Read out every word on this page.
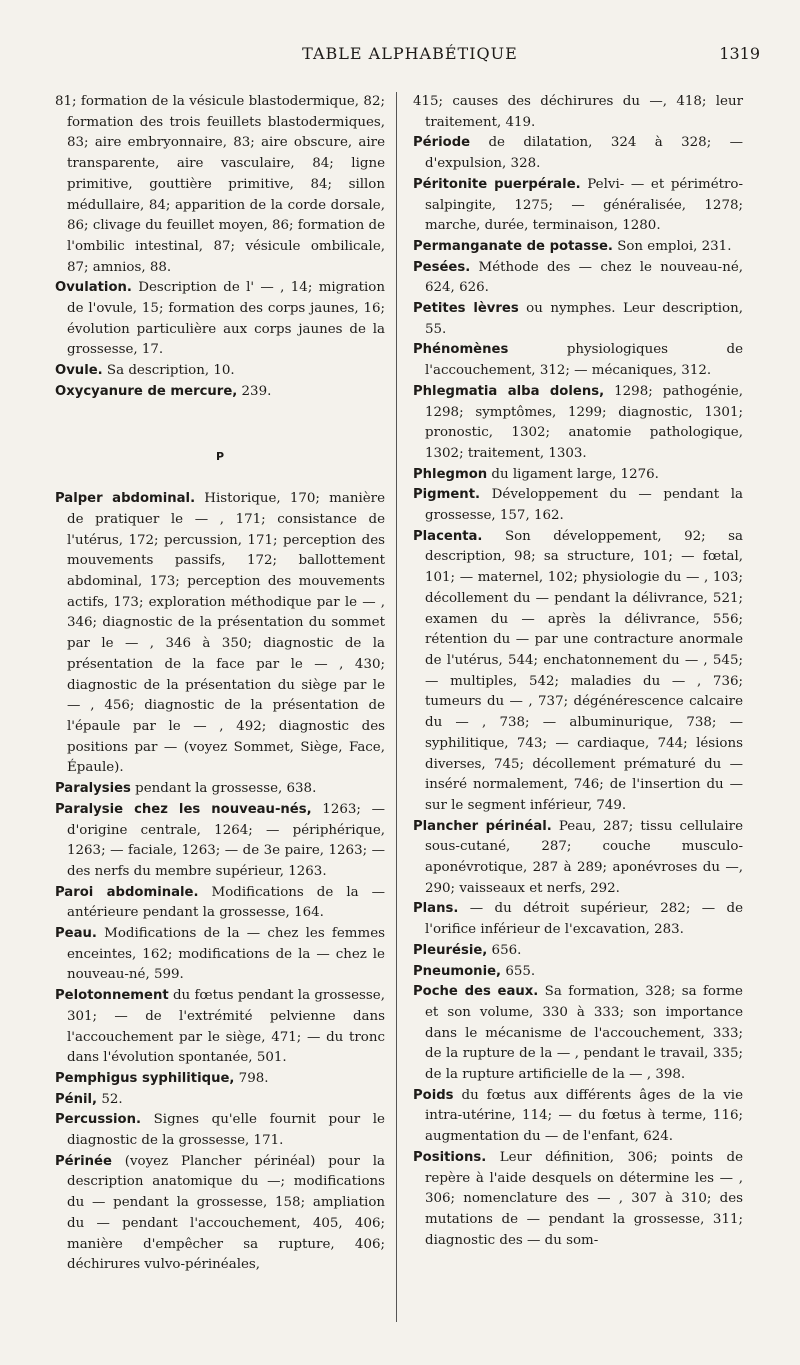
TABLE ALPHABÉTIQUE	1319
81; formation de la vésicule blastodermique, 82; formation des trois feuillets blastodermiques, 83; aire embryonnaire, 83; aire obscure, aire transparente, aire vasculaire, 84; ligne primitive, gouttière primitive, 84; sillon médullaire, 84; apparition de la corde dorsale, 86; clivage du feuillet moyen, 86; formation de l'ombilic intestinal, 87; vésicule ombilicale, 87; amnios, 88.
Ovulation. Description de l' — , 14; migration de l'ovule, 15; formation des corps jaunes, 16; évolution particulière aux corps jaunes de la grossesse, 17.
Ovule. Sa description, 10.
Oxycyanure de mercure, 239.
P
Palper abdominal. Historique, 170; manière de pratiquer le — , 171; consistance de l'utérus, 172; percussion, 171; perception des mouvements passifs, 172; ballottement abdominal, 173; perception des mouvements actifs, 173; exploration méthodique par le — , 346; diagnostic de la présentation du sommet par le — , 346 à 350; diagnostic de la présentation de la face par le — , 430; diagnostic de la présentation du siège par le — , 456; diagnostic de la présentation de l'épaule par le — , 492; diagnostic des positions par — (voyez Sommet, Siège, Face, Épaule).
Paralysies pendant la grossesse, 638.
Paralysie chez les nouveau-nés, 1263; — d'origine centrale, 1264; — périphérique, 1263; — faciale, 1263; — de 3e paire, 1263; — des nerfs du membre supérieur, 1263.
Paroi abdominale. Modifications de la — antérieure pendant la grossesse, 164.
Peau. Modifications de la — chez les femmes enceintes, 162; modifications de la — chez le nouveau-né, 599.
Pelotonnement du fœtus pendant la grossesse, 301; — de l'extrémité pelvienne dans l'accouchement par le siège, 471; — du tronc dans l'évolution spontanée, 501.
Pemphigus syphilitique, 798.
Pénil, 52.
Percussion. Signes qu'elle fournit pour le diagnostic de la grossesse, 171.
Périnée (voyez Plancher périnéal) pour la description anatomique du —; modifications du — pendant la grossesse, 158; ampliation du — pendant l'accouchement, 405, 406; manière d'empêcher sa rupture, 406; déchirures vulvo-périnéales,
415; causes des déchirures du —, 418; leur traitement, 419.
Période de dilatation, 324 à 328; — d'expulsion, 328.
Péritonite puerpérale. Pelvi- — et périmétro-salpingite, 1275; — généralisée, 1278; marche, durée, terminaison, 1280.
Permanganate de potasse. Son emploi, 231.
Pesées. Méthode des — chez le nouveau-né, 624, 626.
Petites lèvres ou nymphes. Leur description, 55.
Phénomènes physiologiques de l'accouchement, 312; — mécaniques, 312.
Phlegmatia alba dolens, 1298; pathogénie, 1298; symptômes, 1299; diagnostic, 1301; pronostic, 1302; anatomie pathologique, 1302; traitement, 1303.
Phlegmon du ligament large, 1276.
Pigment. Développement du — pendant la grossesse, 157, 162.
Placenta. Son développement, 92; sa description, 98; sa structure, 101; — fœtal, 101; — maternel, 102; physiologie du — , 103; décollement du — pendant la délivrance, 521; examen du — après la délivrance, 556; rétention du — par une contracture anormale de l'utérus, 544; enchatonnement du — , 545; — multiples, 542; maladies du — , 736; tumeurs du — , 737; dégénérescence calcaire du — , 738; — albuminurique, 738; — syphilitique, 743; — cardiaque, 744; lésions diverses, 745; décollement prématuré du — inséré normalement, 746; de l'insertion du — sur le segment inférieur, 749.
Plancher périnéal. Peau, 287; tissu cellulaire sous-cutané, 287; couche musculo-aponévrotique, 287 à 289; aponévroses du —, 290; vaisseaux et nerfs, 292.
Plans. — du détroit supérieur, 282; — de l'orifice inférieur de l'excavation, 283.
Pleurésie, 656.
Pneumonie, 655.
Poche des eaux. Sa formation, 328; sa forme et son volume, 330 à 333; son importance dans le mécanisme de l'accouchement, 333; de la rupture de la — , pendant le travail, 335; de la rupture artificielle de la — , 398.
Poids du fœtus aux différents âges de la vie intra-utérine, 114; — du fœtus à terme, 116; augmentation du — de l'enfant, 624.
Positions. Leur définition, 306; points de repère à l'aide desquels on détermine les — , 306; nomenclature des — , 307 à 310; des mutations de — pendant la grossesse, 311; diagnostic des — du som-
